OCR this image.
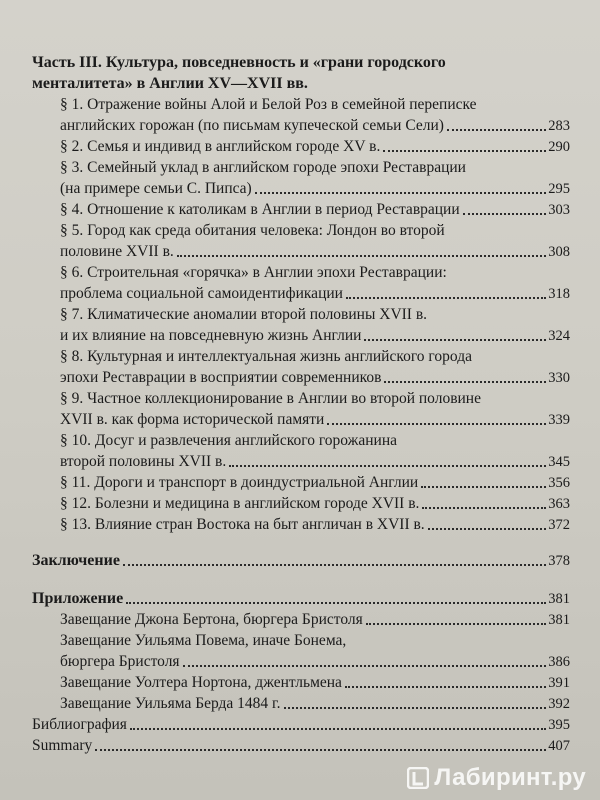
Часть III. Культура, повседневность и «грани городского
менталитета» в Англии XV—XVII вв.
§ 1. Отражение войны Алой и Белой Роз в семейной переписке
английских горожан (по письмам купеческой семьи Сели)	283
§ 2. Семья и индивид в английском городе XV в.	290
§ 3. Семейный уклад в английском городе эпохи Реставрации
(на примере семьи С. Пипса)	295
§ 4. Отношение к католикам в Англии в период Реставрации	303
§ 5. Город как среда обитания человека: Лондон во второй
половине XVII в.	308
§ 6. Строительная «горячка» в Англии эпохи Реставрации:
проблема социальной самоидентификации	318
§ 7. Климатические аномалии второй половины XVII в.
и их влияние на повседневную жизнь Англии	324
§ 8. Культурная и интеллектуальная жизнь английского города
эпохи Реставрации в восприятии современников	330
§ 9. Частное коллекционирование в Англии во второй половине
XVII в. как форма исторической памяти	339
§ 10. Досуг и развлечения английского горожанина
второй половины XVII в.	345
§ 11. Дороги и транспорт в доиндустриальной Англии	356
§ 12. Болезни и медицина в английском городе XVII в.	363
§ 13. Влияние стран Востока на быт англичан в XVII в.	372
Заключение	378
Приложение	381
Завещание Джона Бертона, бюргера Бристоля	381
Завещание Уильяма Повема, иначе Бонема,
бюргера Бристоля	386
Завещание Уолтера Нортона, джентльмена	391
Завещание Уильяма Берда 1484 г.	392
Библиография	395
Summary	407
Лабиринт.ру
